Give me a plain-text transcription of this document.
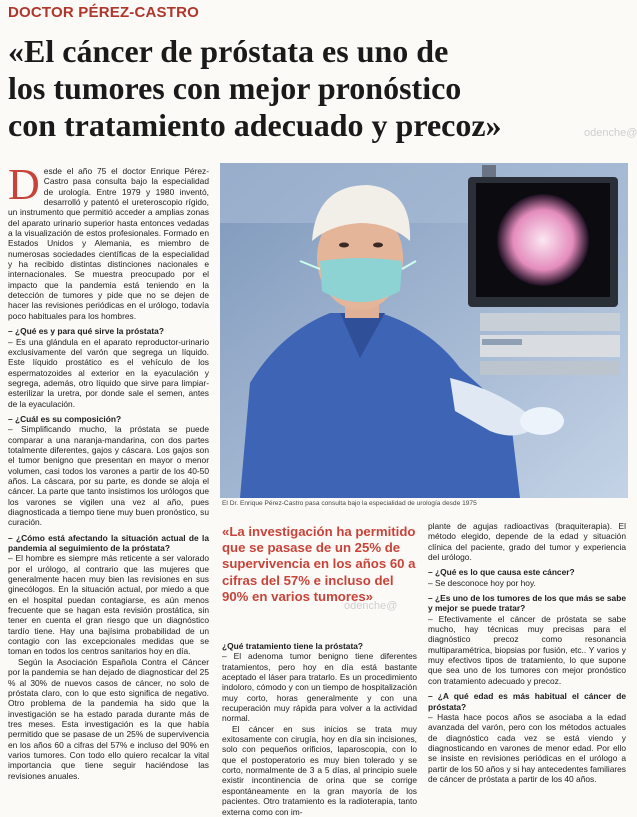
DOCTOR PÉREZ-CASTRO
«El cáncer de próstata es uno de
los tumores con mejor pronóstico
con tratamiento adecuado y precoz»	odenche@

Desde el año 75 el doctor Enrique Pérez-Castro pasa consulta bajo la especialidad de urología. Entre 1979 y 1980 inventó, desarrolló y patentó el ureteroscopio rígido, un instrumento que permitió acceder a amplias zonas del aparato urinario superior hasta entonces vedadas a la visualización de estos profesionales. Formado en Estados Unidos y Alemania, es miembro de numerosas sociedades científicas de la especialidad y ha recibido distintas distinciones nacionales e internacionales. Se muestra preocupado por el impacto que la pandemia está teniendo en la detección de tumores y pide que no se dejen de hacer las revisiones periódicas en el urólogo, todavía poco habituales para los hombres.

– ¿Qué es y para qué sirve la próstata?

– Es una glándula en el aparato reproductor-urinario exclusivamente del varón que segrega un líquido. Este líquido prostático es el vehículo de los espermatozoides al exterior en la eyaculación y segrega, además, otro líquido que sirve para limpiar-esterilizar la uretra, por donde sale el semen, antes de la eyaculación.

– ¿Cuál es su composición?

– Simplificando mucho, la próstata se puede comparar a una naranja-mandarina, con dos partes totalmente diferentes, gajos y cáscara. Los gajos son el tumor benigno que presentan en mayor o menor volumen, casi todos los varones a partir de los 40-50 años. La cáscara, por su parte, es donde se aloja el cáncer. La parte que tanto insistimos los urólogos que los varones se vigilen una vez al año, pues diagnosticada a tiempo tiene muy buen pronóstico, su curación.

– ¿Cómo está afectando la situación actual de la pandemia al seguimiento de la próstata?

– El hombre es siempre más reticente a ser valorado por el urólogo, al contrario que las mujeres que generalmente hacen muy bien las revisiones en sus ginecólogos. En la situación actual, por miedo a que en el hospital puedan contagiarse, es aún menos frecuente que se hagan esta revisión prostática, sin tener en cuenta el gran riesgo que un diagnóstico tardío tiene. Hay una bajísima probabilidad de un contagio con las excepcionales medidas que se toman en todos los centros sanitarios hoy en día.

Según la Asociación Española Contra el Cáncer por la pandemia se han dejado de diagnosticar del 25 % al 30% de nuevos casos de cáncer, no solo de próstata claro, con lo que esto significa de negativo. Otro problema de la pandemia ha sido que la investigación se ha estado parada durante más de tres meses. Esta investigación es la que había permitido que se pasase de un 25% de supervivencia en los años 60 a cifras del 57% e incluso del 90% en varios tumores. Con todo ello quiero recalcar la vital importancia que tiene seguir haciéndose las revisiones anuales.

El Dr. Enrique Pérez-Castro pasa consulta bajo la especialidad de urología desde 1975
«La investigación ha permitido que se pasase de un 25% de supervivencia en los años 60 a cifras del 57% e incluso del 90% en varios tumores»
odenche@

¿Qué tratamiento tiene la próstata?

– El adenoma tumor benigno tiene diferentes tratamientos, pero hoy en día está bastante aceptado el láser para tratarlo. Es un procedimiento indoloro, cómodo y con un tiempo de hospitalización muy corto, horas generalmente y con una recuperación muy rápida para volver a la actividad normal.

El cáncer en sus inicios se trata muy exitosamente con cirugía, hoy en día sin incisiones, solo con pequeños orificios, laparoscopia, con lo que el postoperatorio es muy bien tolerado y se corto, normalmente de 3 a 5 días, al principio suele existir incontinencia de orina que se corrige espontáneamente en la gran mayoría de los pacientes. Otro tratamiento es la radioterapia, tanto externa como con im-

plante de agujas radioactivas (braquiterapia). El método elegido, depende de la edad y situación clínica del paciente, grado del tumor y experiencia del urólogo.

– ¿Qué es lo que causa este cáncer?

– Se desconoce hoy por hoy.

– ¿Es uno de los tumores de los que más se sabe y mejor se puede tratar?

– Efectivamente el cáncer de próstata se sabe mucho, hay técnicas muy precisas para el diagnóstico precoz como resonancia multiparamétrica, biopsias por fusión, etc.. Y varios y muy efectivos tipos de tratamiento, lo que supone que sea uno de los tumores con mejor pronóstico con tratamiento adecuado y precoz.

– ¿A qué edad es más habitual el cáncer de próstata?

– Hasta hace pocos años se asociaba a la edad avanzada del varón, pero con los métodos actuales de diagnóstico cada vez se está viendo y diagnosticando en varones de menor edad. Por ello se insiste en revisiones periódicas en el urólogo a partir de los 50 años y si hay antecedentes familiares de cáncer de próstata a partir de los 40 años.
